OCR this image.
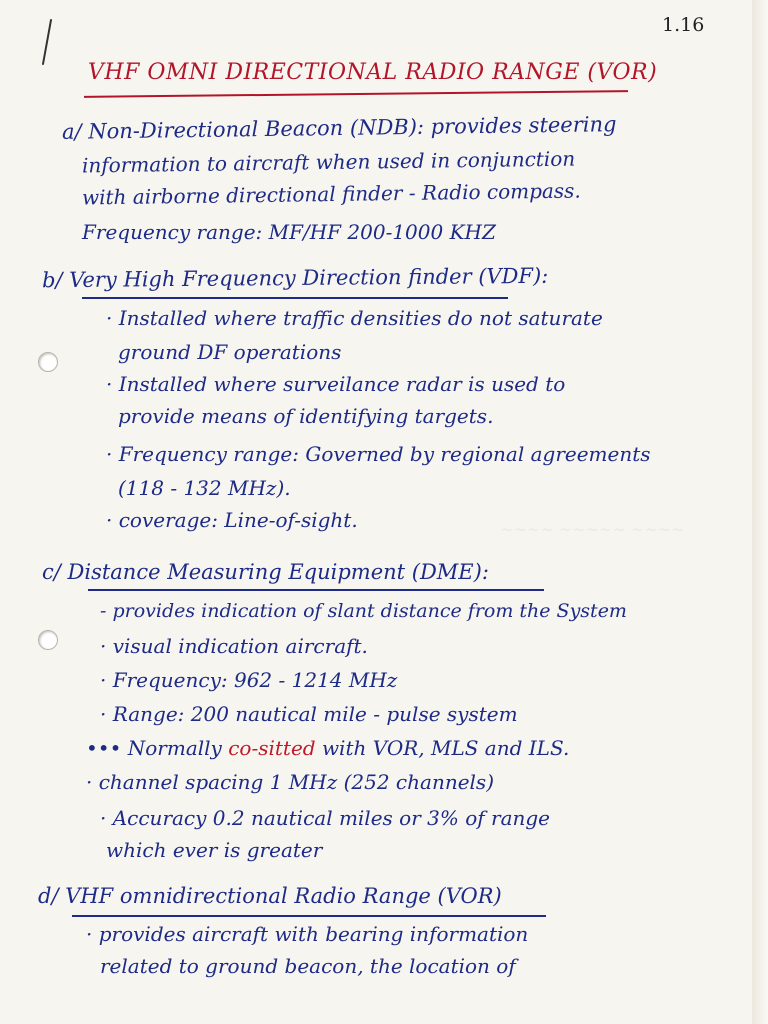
~~~~ ~~~~~ ~~~~
1.16
VHF OMNI DIRECTIONAL RADIO RANGE (VOR)
a/ Non-Directional Beacon (NDB): provides steering
information to aircraft when used in conjunction
with airborne directional finder - Radio compass.
Frequency range: MF/HF 200-1000 KHZ
b/ Very High Frequency Direction finder (VDF):
· Installed where traffic densities do not saturate
ground DF operations
· Installed where surveilance radar is used to
provide means of identifying targets.
· Frequency range: Governed by regional agreements
(118 - 132 MHz).
· coverage: Line-of-sight.
c/ Distance Measuring Equipment (DME):
- provides indication of slant distance from the System
· visual indication aircraft.
· Frequency: 962 - 1214 MHz
· Range: 200 nautical mile - pulse system
••• Normally co-sitted with VOR, MLS and ILS.
· channel spacing 1 MHz (252 channels)
· Accuracy 0.2 nautical miles or 3% of range
which ever is greater
d/ VHF omnidirectional Radio Range (VOR)
· provides aircraft with bearing information
related to ground beacon, the location of
